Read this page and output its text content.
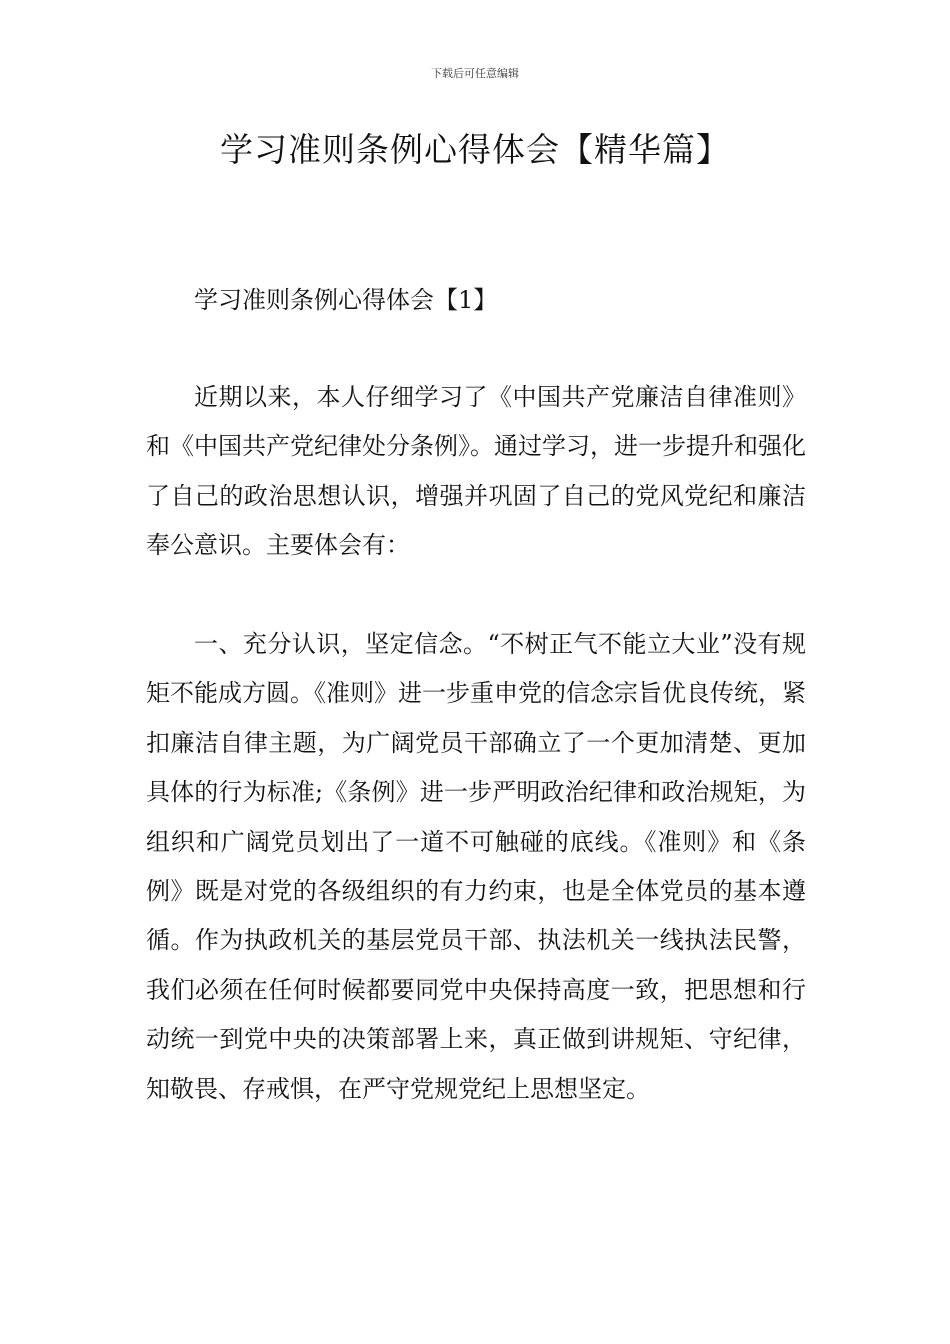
下载后可任意编辑
学习准则条例心得体会【精华篇】

学习准则条例心得体会【1】

近期以来，本人仔细学习了《中国共产党廉洁自律准则》和《中国共产党纪律处分条例》。通过学习，进一步提升和强化了自己的政治思想认识，增强并巩固了自己的党风党纪和廉洁奉公意识。主要体会有：

一、充分认识，坚定信念。“不树正气不能立大业”没有规矩不能成方圆。《准则》进一步重申党的信念宗旨优良传统，紧扣廉洁自律主题，为广阔党员干部确立了一个更加清楚、更加具体的行为标准;《条例》进一步严明政治纪律和政治规矩，为组织和广阔党员划出了一道不可触碰的底线。《准则》和《条例》既是对党的各级组织的有力约束，也是全体党员的基本遵循。作为执政机关的基层党员干部、执法机关一线执法民警，我们必须在任何时候都要同党中央保持高度一致，把思想和行动统一到党中央的决策部署上来，真正做到讲规矩、守纪律，知敬畏、存戒惧，在严守党规党纪上思想坚定。
